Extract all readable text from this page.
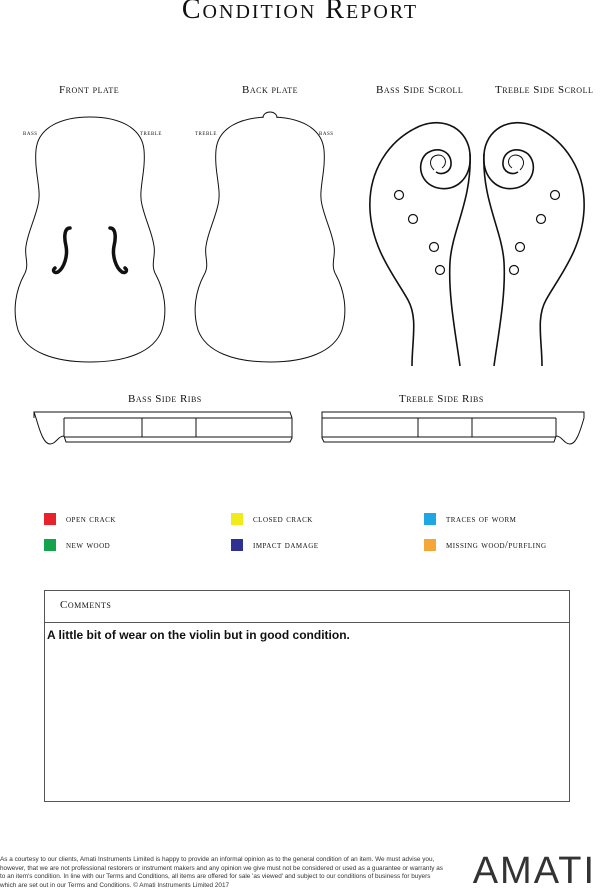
Condition Report
Front plate	Back plate	Bass Side Scroll	Treble Side Scroll
bass	treble	treble	bass
Bass Side Ribs	Treble Side Ribs
open crack	closed crack	traces of worm
new wood	impact damage	missing wood/purfling
Comments
A little bit of wear on the violin but in good condition.
As a courtesy to our clients, Amati Instruments Limited is happy to provide an informal opinion as to the general condition of an item. We must advise you, however, that we are not professional restorers or instrument makers and any opinion we give must not be considered or used as a guarantee or warranty as to an item's condition. In line with our Terms and Conditions, all items are offered for sale 'as viewed' and subject to our conditions of business for buyers which are set out in our Terms and Conditions. © Amati Instruments Limited 2017	AMATI
